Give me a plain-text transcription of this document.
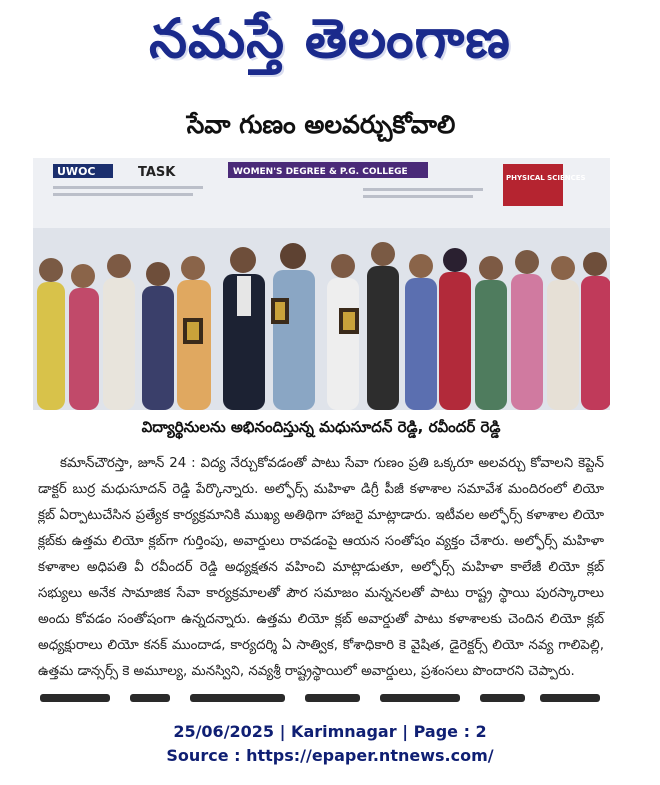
నమస్తే తెలంగాణ
సేవా గుణం అలవర్చుకోవాలి
UWOC	TASK	WOMEN'S DEGREE & P.G. COLLEGE
PHYSICAL SCIENCES
విద్యార్థినులను అభినందిస్తున్న మధుసూదన్ రెడ్డి, రవీందర్ రెడ్డి

కమాన్‌చౌరస్తా, జూన్ 24 : విద్య నేర్చుకోవడంతో పాటు సేవా గుణం ప్రతి ఒక్కరూ అలవర్చు కోవాలని కెప్టెన్ డాక్టర్ బుర్ర మధుసూదన్ రెడ్డి పేర్కొన్నారు. అల్ఫోర్స్ మహిళా డిగ్రీ పీజీ కళాశాల సమావేశ మందిరంలో లియో క్లబ్ ఏర్పాటుచేసిన ప్రత్యేక కార్యక్రమానికి ముఖ్య అతిథిగా హాజరై మాట్లాడారు. ఇటీవల అల్ఫోర్స్ కళాశాల లియో క్లబ్‌కు ఉత్తమ లియో క్లబ్‌గా గుర్తింపు, అవార్డులు రావడంపై ఆయన సంతోషం వ్యక్తం చేశారు. అల్ఫోర్స్ మహిళా కళాశాల అధిపతి వీ రవీందర్ రెడ్డి అధ్యక్షతన వహించి మాట్లాడుతూ, అల్ఫోర్స్ మహిళా కాలేజీ లియో క్లబ్ సభ్యులు అనేక సామాజిక సేవా కార్యక్రమాలతో పౌర సమాజం మన్ననలతో పాటు రాష్ట్ర స్థాయి పురస్కారాలు అందు కోవడం సంతోషంగా ఉన్నదన్నారు. ఉత్తమ లియో క్లబ్ అవార్డుతో పాటు కళాశాలకు చెందిన లియో క్లబ్ అధ్యక్షురాలు లియో కనక్ ముందాడ, కార్యదర్శి ఏ సాత్విక, కోశాధికారి కె వైషిత, డైరెక్టర్స్ లియో నవ్య గాలిపెల్లి, ఉత్తమ డాన్సర్స్ కె అమూల్య, మనస్విని, నవ్యశ్రీ రాష్ట్రస్థాయిలో అవార్డులు, ప్రశంసలు పొందారని చెప్పారు.

25/06/2025 | Karimnagar | Page : 2
Source : https://epaper.ntnews.com/
